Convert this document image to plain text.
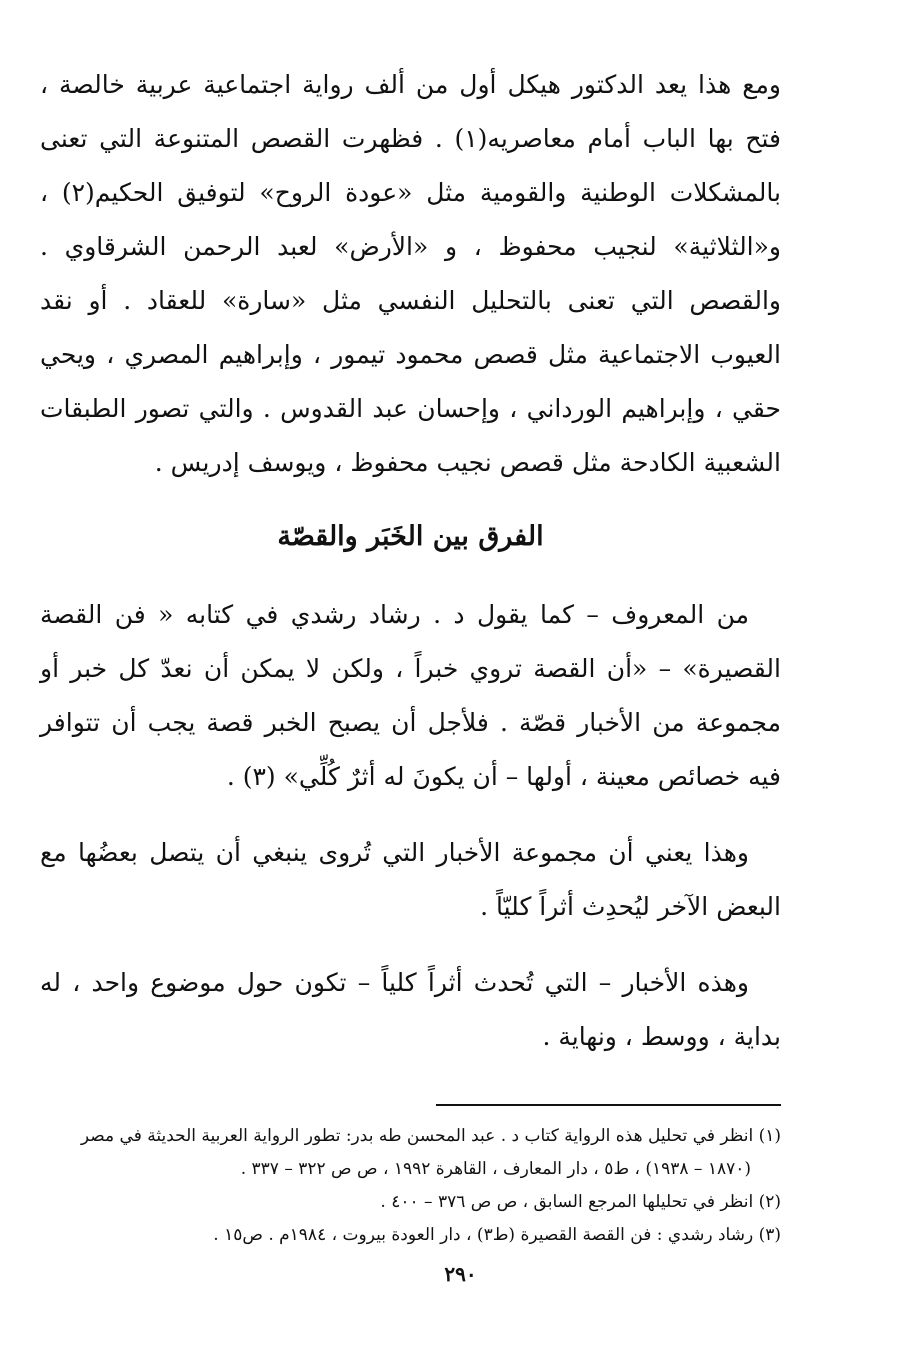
ومع هذا يعد الدكتور هيكل أول من ألف رواية اجتماعية عربية خالصة ، فتح بها الباب أمام معاصريه(١) . فظهرت القصص المتنوعة التي تعنى بالمشكلات الوطنية والقومية مثل «عودة الروح» لتوفيق الحكيم(٢) ، و«الثلاثية» لنجيب محفوظ ، و «الأرض» لعبد الرحمن الشرقاوي . والقصص التي تعنى بالتحليل النفسي مثل «سارة» للعقاد . أو نقد العيوب الاجتماعية مثل قصص محمود تيمور ، وإبراهيم المصري ، ويحي حقي ، وإبراهيم الورداني ، وإحسان عبد القدوس . والتي تصور الطبقات الشعبية الكادحة مثل قصص نجيب محفوظ ، ويوسف إدريس .

الفرق بين الخَبَر والقصّة

من المعروف – كما يقول د . رشاد رشدي في كتابه « فن القصة القصيرة» – «أن القصة تروي خبراً ، ولكن لا يمكن أن نعدّ كل خبر أو مجموعة من الأخبار قصّة . فلأجل أن يصبح الخبر قصة يجب أن تتوافر فيه خصائص معينة ، أولها – أن يكونَ له أثرٌ كُلِّي» (٣) .

وهذا يعني أن مجموعة الأخبار التي تُروى ينبغي أن يتصل بعضُها مع البعض الآخر ليُحدِث أثراً كليّاً .

وهذه الأخبار – التي تُحدث أثراً كلياً – تكون حول موضوع واحد ، له بداية ، ووسط ، ونهاية .

(١) انظر في تحليل هذه الرواية كتاب د . عبد المحسن طه بدر: تطور الرواية العربية الحديثة في مصر

(١٨٧٠ – ١٩٣٨) ، ط٥ ، دار المعارف ، القاهرة ١٩٩٢ ، ص ص ٣٢٢ – ٣٣٧ .

(٢) انظر في تحليلها المرجع السابق ، ص ص ٣٧٦ – ٤٠٠ .

(٣) رشاد رشدي : فن القصة القصيرة (ط٣) ، دار العودة بيروت ، ١٩٨٤م . ص١٥ .

٢٩٠
